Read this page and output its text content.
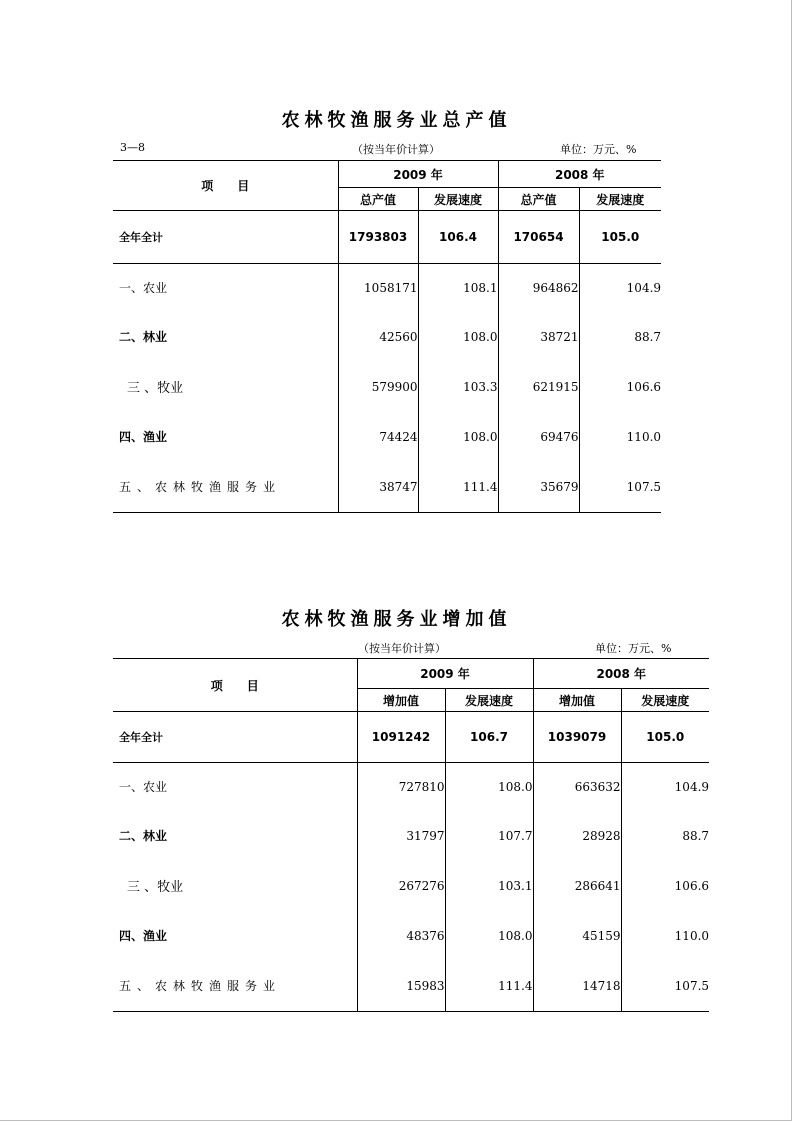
农林牧渔服务业总产值
3—8	（按当年价计算）	单位：万元、%
项　　目	2009 年		2008 年	
	总产值	发展速度	总产值	发展速度
全年全计	1793803	106.4	170654	105.0
一、农业	1058171	108.1	964862	104.9
二、林业	42560	108.0	38721	88.7
三 、牧业	579900	103.3	621915	106.6
四、渔业	74424	108.0	69476	110.0
五、农林牧渔服务业	38747	111.4	35679	107.5
农林牧渔服务业增加值
（按当年价计算）	单位：万元、%
项　　目	2009 年		2008 年	
	增加值	发展速度	增加值	发展速度
全年全计	1091242	106.7	1039079	105.0
一、农业	727810	108.0	663632	104.9
二、林业	31797	107.7	28928	88.7
三 、牧业	267276	103.1	286641	106.6
四、渔业	48376	108.0	45159	110.0
五、农林牧渔服务业	15983	111.4	14718	107.5
